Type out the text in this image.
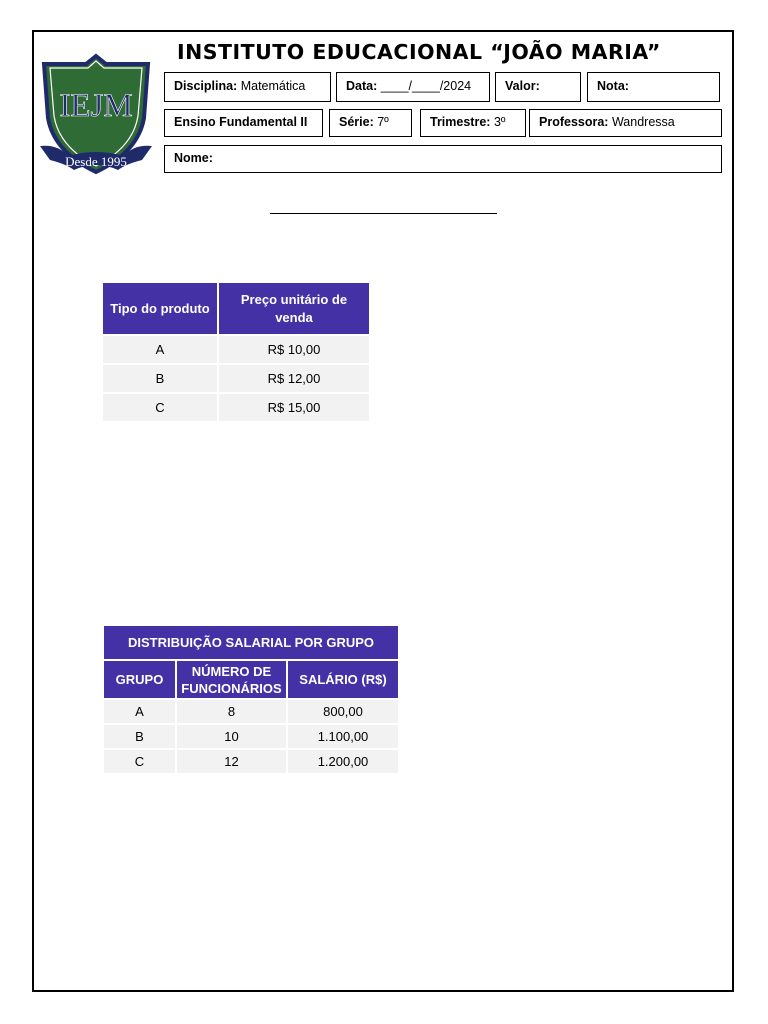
IEJM
Desde 1995
INSTITUTO EDUCACIONAL “JOÃO MARIA”
Disciplina: Matemática	Data: ____/____/2024	Valor:	Nota:
Ensino Fundamental II	Série: 7º	Trimestre: 3º	Professora: Wandressa
Nome:
Tipo do produto	Preço unitário de venda
A	R$ 10,00
B	R$ 12,00
C	R$ 15,00
DISTRIBUIÇÃO SALARIAL POR GRUPO		
GRUPO	NÚMERO DE FUNCIONÁRIOS	SALÁRIO (R$)
A	8	800,00
B	10	1.100,00
C	12	1.200,00
